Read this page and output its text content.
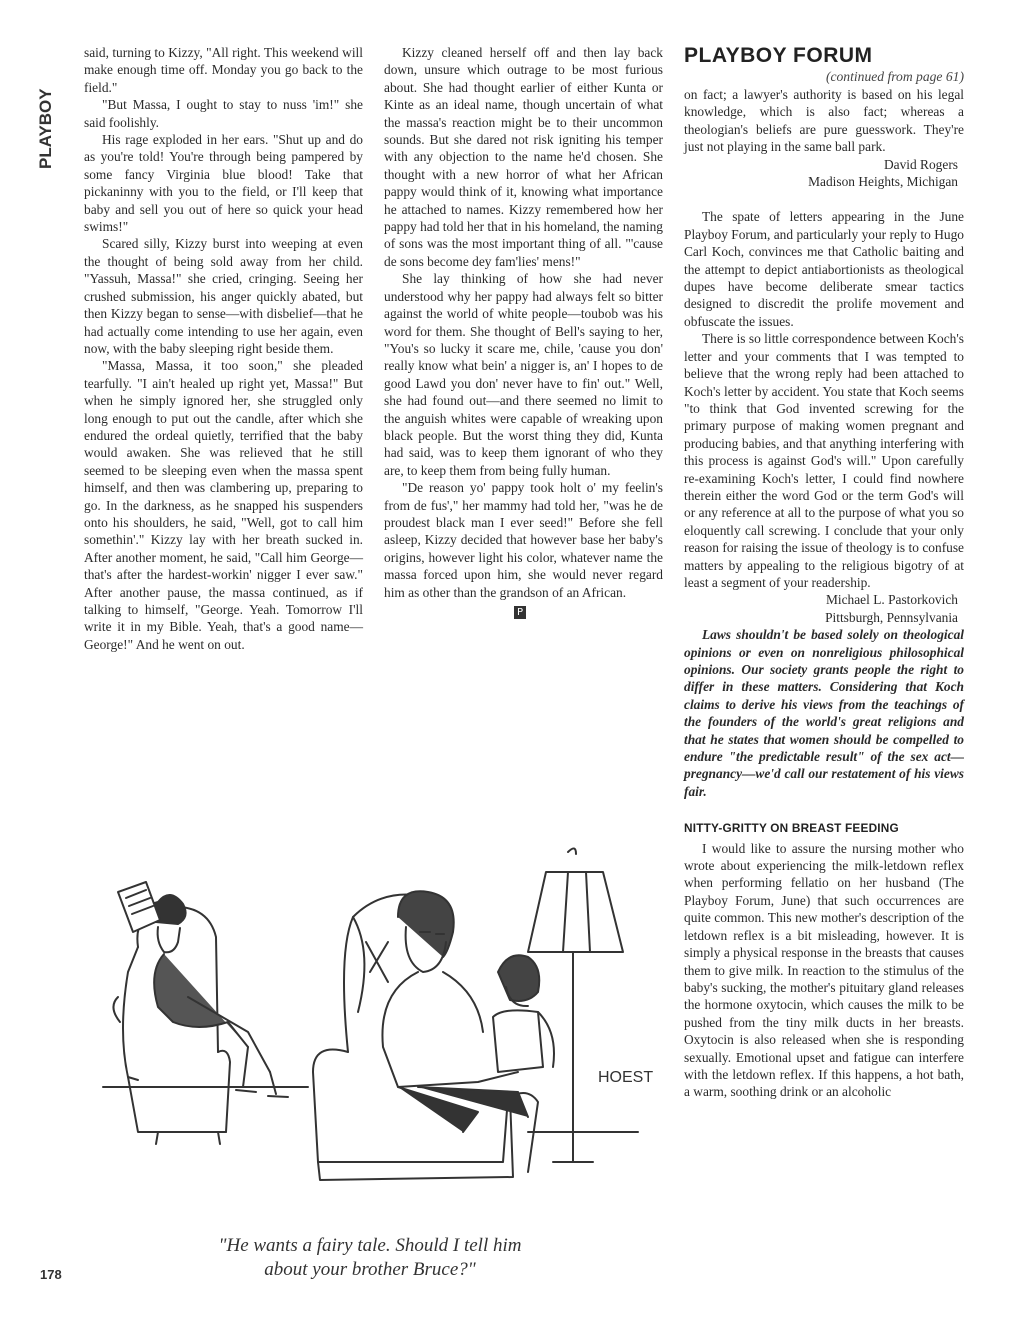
PLAYBOY

said, turning to Kizzy, "All right. This weekend will make enough time off. Monday you go back to the field."

"But Massa, I ought to stay to nuss 'im!" she said foolishly.

His rage exploded in her ears. "Shut up and do as you're told! You're through being pampered by some fancy Virginia blue blood! Take that pickaninny with you to the field, or I'll keep that baby and sell you out of here so quick your head swims!"

Scared silly, Kizzy burst into weeping at even the thought of being sold away from her child. "Yassuh, Massa!" she cried, cringing. Seeing her crushed submission, his anger quickly abated, but then Kizzy began to sense—with disbelief—that he had actually come intending to use her again, even now, with the baby sleeping right beside them.

"Massa, Massa, it too soon," she pleaded tearfully. "I ain't healed up right yet, Massa!" But when he simply ignored her, she struggled only long enough to put out the candle, after which she endured the ordeal quietly, terrified that the baby would awaken. She was relieved that he still seemed to be sleeping even when the massa spent himself, and then was clambering up, preparing to go. In the darkness, as he snapped his suspenders onto his shoulders, he said, "Well, got to call him somethin'." Kizzy lay with her breath sucked in. After another moment, he said, "Call him George—that's after the hardest-workin' nigger I ever saw." After another pause, the massa continued, as if talking to himself, "George. Yeah. Tomorrow I'll write it in my Bible. Yeah, that's a good name—George!" And he went on out.

Kizzy cleaned herself off and then lay back down, unsure which outrage to be most furious about. She had thought earlier of either Kunta or Kinte as an ideal name, though uncertain of what the massa's reaction might be to their uncommon sounds. But she dared not risk igniting his temper with any objection to the name he'd chosen. She thought with a new horror of what her African pappy would think of it, knowing what importance he attached to names. Kizzy remembered how her pappy had told her that in his homeland, the naming of sons was the most important thing of all. "'cause de sons become dey fam'lies' mens!"

She lay thinking of how she had never understood why her pappy had always felt so bitter against the world of white people—toubob was his word for them. She thought of Bell's saying to her, "You's so lucky it scare me, chile, 'cause you don' really know what bein' a nigger is, an' I hopes to de good Lawd you don' never have to fin' out." Well, she had found out—and there seemed no limit to the anguish whites were capable of wreaking upon black people. But the worst thing they did, Kunta had said, was to keep them ignorant of who they are, to keep them from being fully human.

"De reason yo' pappy took holt o' my feelin's from de fus'," her mammy had told her, "was he de proudest black man I ever seed!" Before she fell asleep, Kizzy decided that however base her baby's origins, however light his color, whatever name the massa forced upon him, she would never regard him as other than the grandson of an African.

P
PLAYBOY FORUM
(continued from page 61)

on fact; a lawyer's authority is based on his legal knowledge, which is also fact; whereas a theologian's beliefs are pure guesswork. They're just not playing in the same ball park.

David Rogers
Madison Heights, Michigan

The spate of letters appearing in the June Playboy Forum, and particularly your reply to Hugo Carl Koch, convinces me that Catholic baiting and the attempt to depict antiabortionists as theological dupes have become deliberate smear tactics designed to discredit the prolife movement and obfuscate the issues.

There is so little correspondence between Koch's letter and your comments that I was tempted to believe that the wrong reply had been attached to Koch's letter by accident. You state that Koch seems "to think that God invented screwing for the primary purpose of making women pregnant and producing babies, and that anything interfering with this process is against God's will." Upon carefully re-examining Koch's letter, I could find nowhere therein either the word God or the term God's will or any reference at all to the purpose of what you so eloquently call screwing. I conclude that your only reason for raising the issue of theology is to confuse matters by appealing to the religious bigotry of at least a segment of your readership.

Michael L. Pastorkovich
Pittsburgh, Pennsylvania

Laws shouldn't be based solely on theological opinions or even on nonreligious philosophical opinions. Our society grants people the right to differ in these matters. Considering that Koch claims to derive his views from the teachings of the founders of the world's great religions and that he states that women should be compelled to endure "the predictable result" of the sex act—pregnancy—we'd call our restatement of his views fair.

NITTY-GRITTY ON BREAST FEEDING

I would like to assure the nursing mother who wrote about experiencing the milk-letdown reflex when performing fellatio on her husband (The Playboy Forum, June) that such occurrences are quite common. This new mother's description of the letdown reflex is a bit misleading, however. It is simply a physical response in the breasts that causes them to give milk. In reaction to the stimulus of the baby's sucking, the mother's pituitary gland releases the hormone oxytocin, which causes the milk to be pushed from the tiny milk ducts in her breasts. Oxytocin is also released when she is responding sexually. Emotional upset and fatigue can interfere with the letdown reflex. If this happens, a hot bath, a warm, soothing drink or an alcoholic

HOEST
"He wants a fairy tale. Should I tell him
about your brother Bruce?"
178
